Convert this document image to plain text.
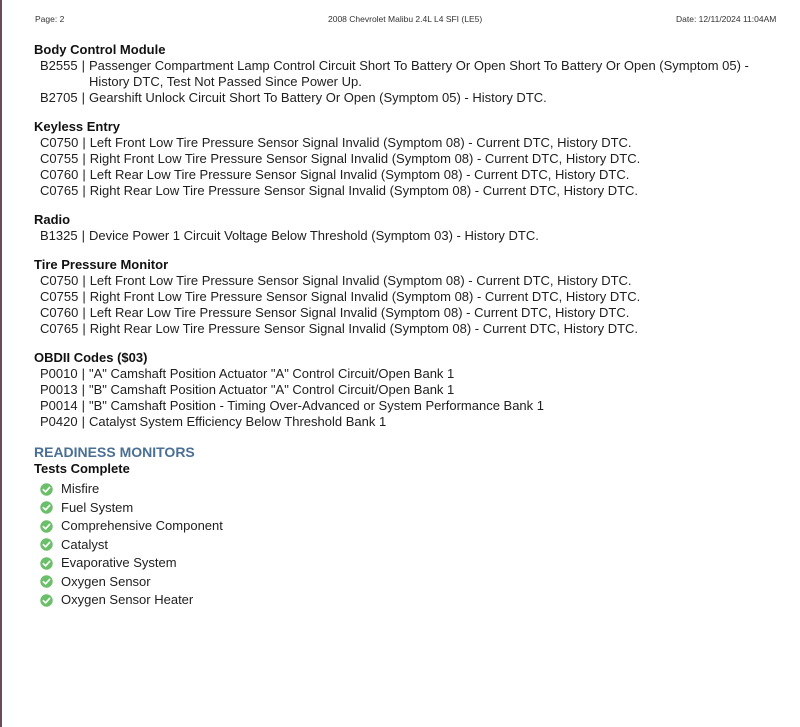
Page: 2	2008 Chevrolet Malibu 2.4L L4 SFI (LE5)	Date: 12/11/2024 11:04AM
Body Control Module
B2555 | Passenger Compartment Lamp Control Circuit Short To Battery Or Open Short To Battery Or Open (Symptom 05) - History DTC, Test Not Passed Since Power Up.
B2705 | Gearshift Unlock Circuit Short To Battery Or Open (Symptom 05) - History DTC.
Keyless Entry
C0750 | Left Front Low Tire Pressure Sensor Signal Invalid (Symptom 08) - Current DTC, History DTC.
C0755 | Right Front Low Tire Pressure Sensor Signal Invalid (Symptom 08) - Current DTC, History DTC.
C0760 | Left Rear Low Tire Pressure Sensor Signal Invalid (Symptom 08) - Current DTC, History DTC.
C0765 | Right Rear Low Tire Pressure Sensor Signal Invalid (Symptom 08) - Current DTC, History DTC.
Radio
B1325 | Device Power 1 Circuit Voltage Below Threshold (Symptom 03) - History DTC.
Tire Pressure Monitor
C0750 | Left Front Low Tire Pressure Sensor Signal Invalid (Symptom 08) - Current DTC, History DTC.
C0755 | Right Front Low Tire Pressure Sensor Signal Invalid (Symptom 08) - Current DTC, History DTC.
C0760 | Left Rear Low Tire Pressure Sensor Signal Invalid (Symptom 08) - Current DTC, History DTC.
C0765 | Right Rear Low Tire Pressure Sensor Signal Invalid (Symptom 08) - Current DTC, History DTC.
OBDII Codes ($03)
P0010 | "A" Camshaft Position Actuator "A" Control Circuit/Open Bank 1
P0013 | "B" Camshaft Position Actuator "A" Control Circuit/Open Bank 1
P0014 | "B" Camshaft Position - Timing Over-Advanced or System Performance Bank 1
P0420 | Catalyst System Efficiency Below Threshold Bank 1
READINESS MONITORS
Tests Complete
Misfire
Fuel System
Comprehensive Component
Catalyst
Evaporative System
Oxygen Sensor
Oxygen Sensor Heater
